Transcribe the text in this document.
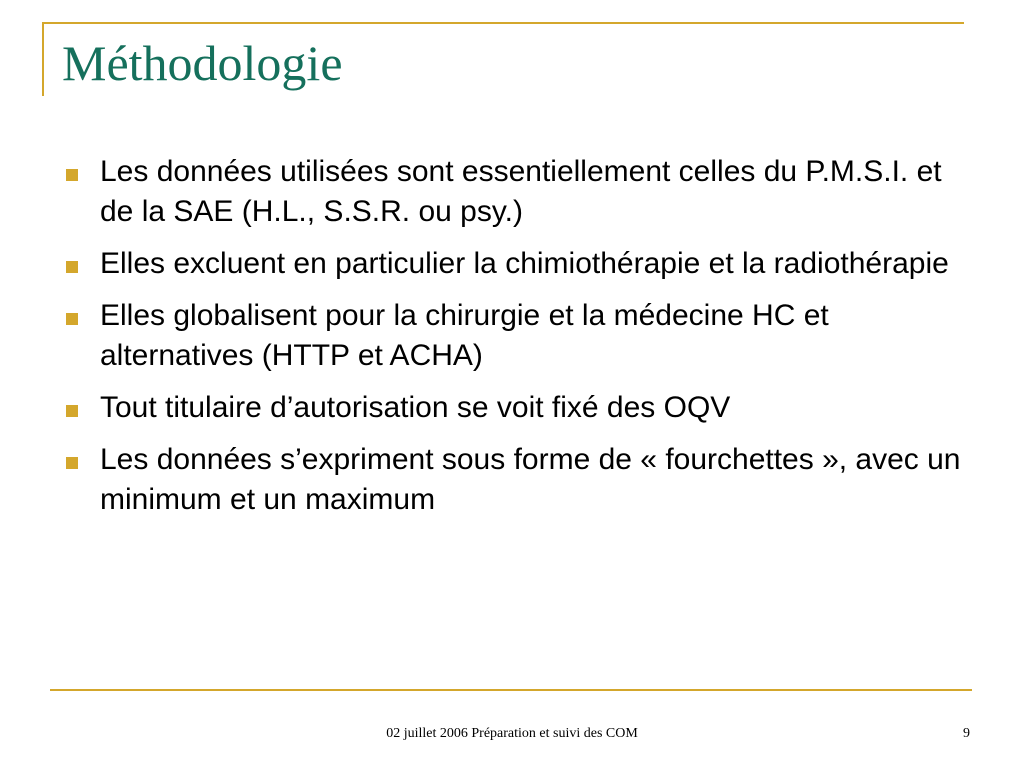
Méthodologie
Les données utilisées sont essentiellement celles du P.M.S.I. et de la SAE (H.L., S.S.R. ou psy.)
Elles excluent en particulier la chimiothérapie et la radiothérapie
Elles globalisent pour la chirurgie et la médecine HC et alternatives (HTTP et ACHA)
Tout titulaire d’autorisation se voit fixé des OQV
Les données s’expriment sous forme de « fourchettes », avec un minimum et un maximum
02 juillet 2006 Préparation et suivi des COM	9
